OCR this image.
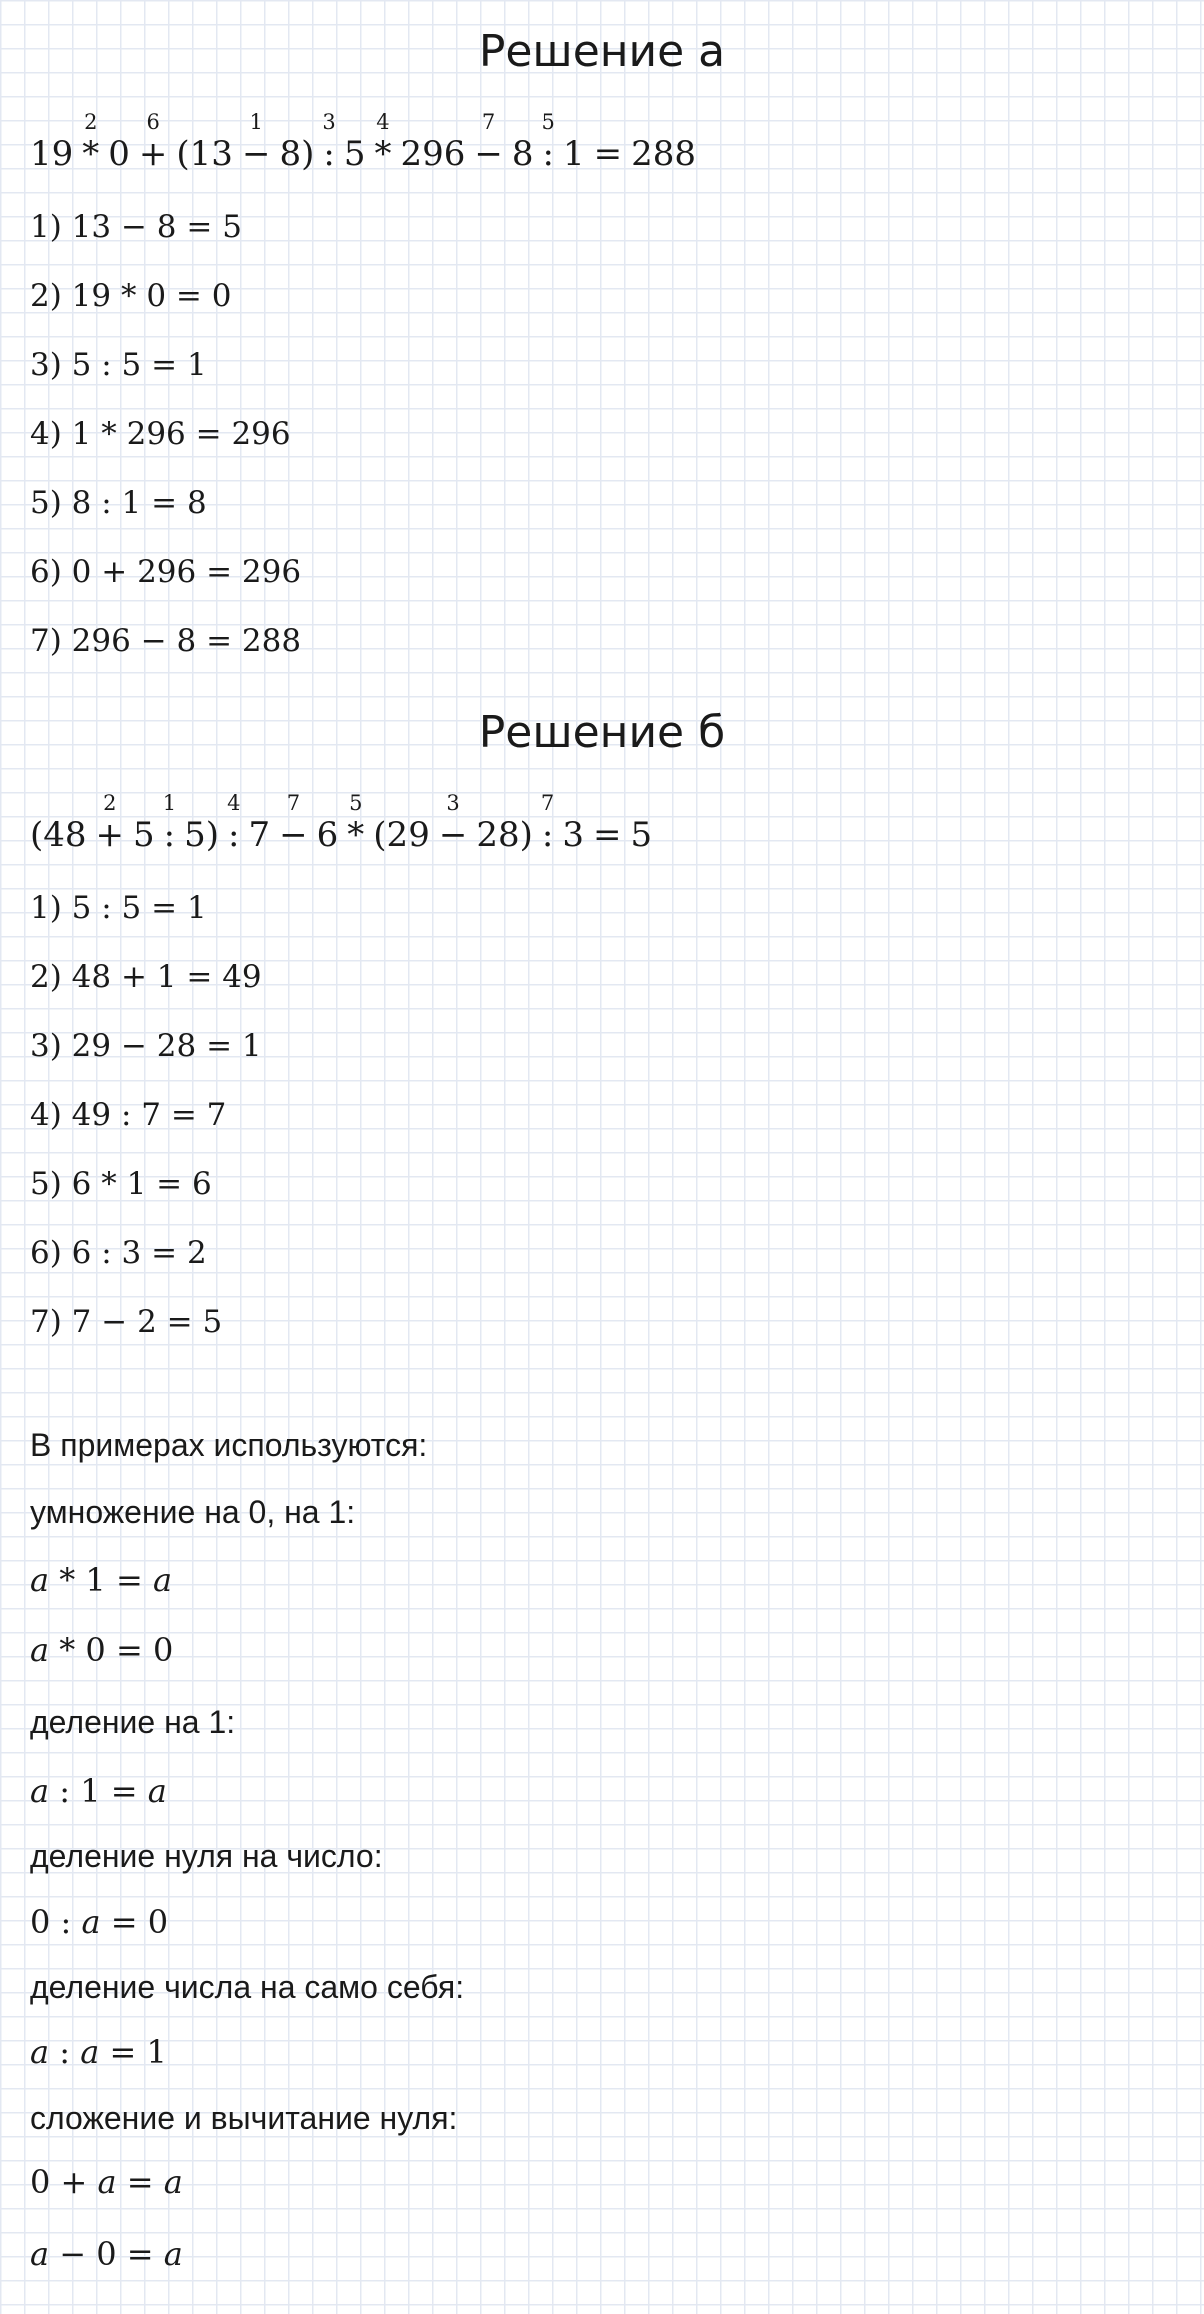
Решение а
19 *
2
0 +
6
(13 −
1
8) :
3
5 *
4
296 −
7
8 :
5
1 = 288
1) 13 − 8 = 5
2) 19 * 0 = 0
3) 5 : 5 = 1
4) 1 * 296 = 296
5) 8 : 1 = 8
6) 0 + 296 = 296
7) 296 − 8 = 288
Решение б
(48 +
2
5 :
1
5) :
4
7 −
7
6 *
5
(29 −
3
28) :
7
3 = 5
1) 5 : 5 = 1
2) 48 + 1 = 49
3) 29 − 28 = 1
4) 49 : 7 = 7
5) 6 * 1 = 6
6) 6 : 3 = 2
7) 7 − 2 = 5
В примерах используются:
умножение на 0, на 1:
a * 1 = a
a * 0 = 0
деление на 1:
a : 1 = a
деление нуля на число:
0 : a = 0
деление числа на само себя:
a : a = 1
сложение и вычитание нуля:
0 + a = a
a − 0 = a
